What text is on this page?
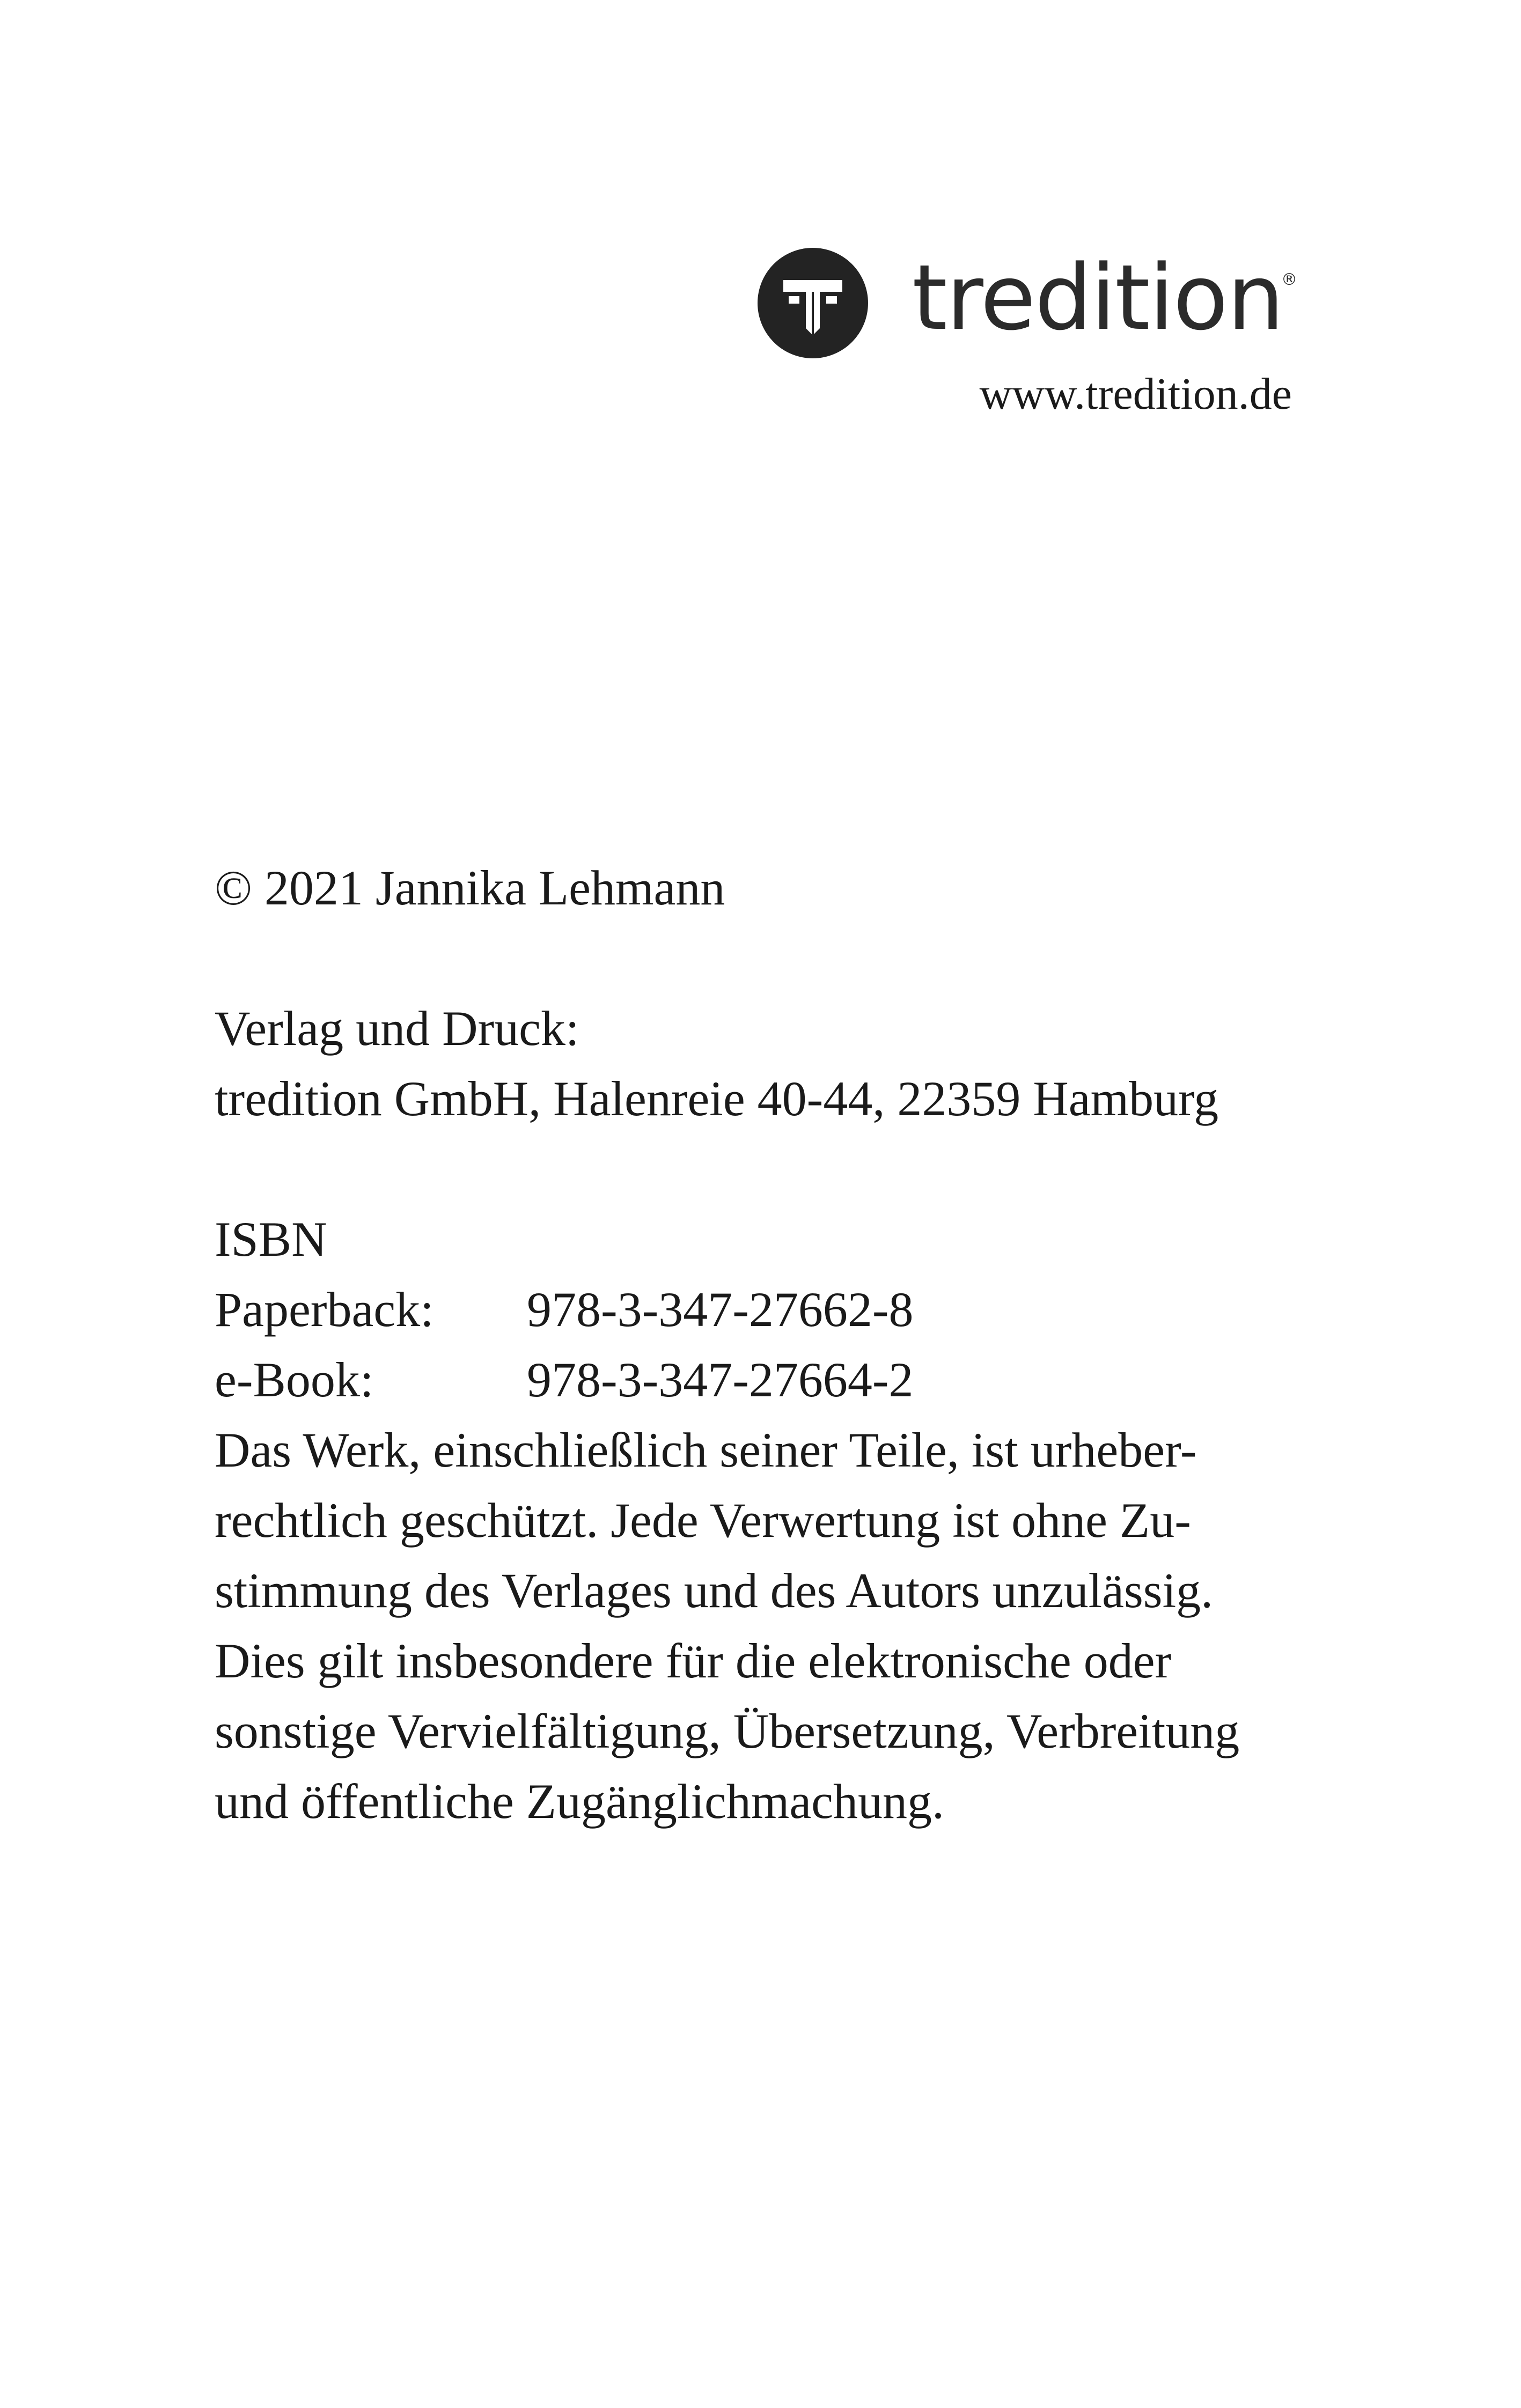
tredition
®
www.tredition.de
© 2021 Jannika Lehmann
Verlag und Druck:
tredition GmbH, Halenreie 40-44, 22359 Hamburg
ISBN
Paperback:	978-3-347-27662-8
e-Book:	978-3-347-27664-2
Das Werk, einschließlich seiner Teile, ist urheber-
rechtlich geschützt. Jede Verwertung ist ohne Zu-
stimmung des Verlages und des Autors unzulässig.
Dies gilt insbesondere für die elektronische oder
sonstige Vervielfältigung, Übersetzung, Verbreitung
und öffentliche Zugänglichmachung.
